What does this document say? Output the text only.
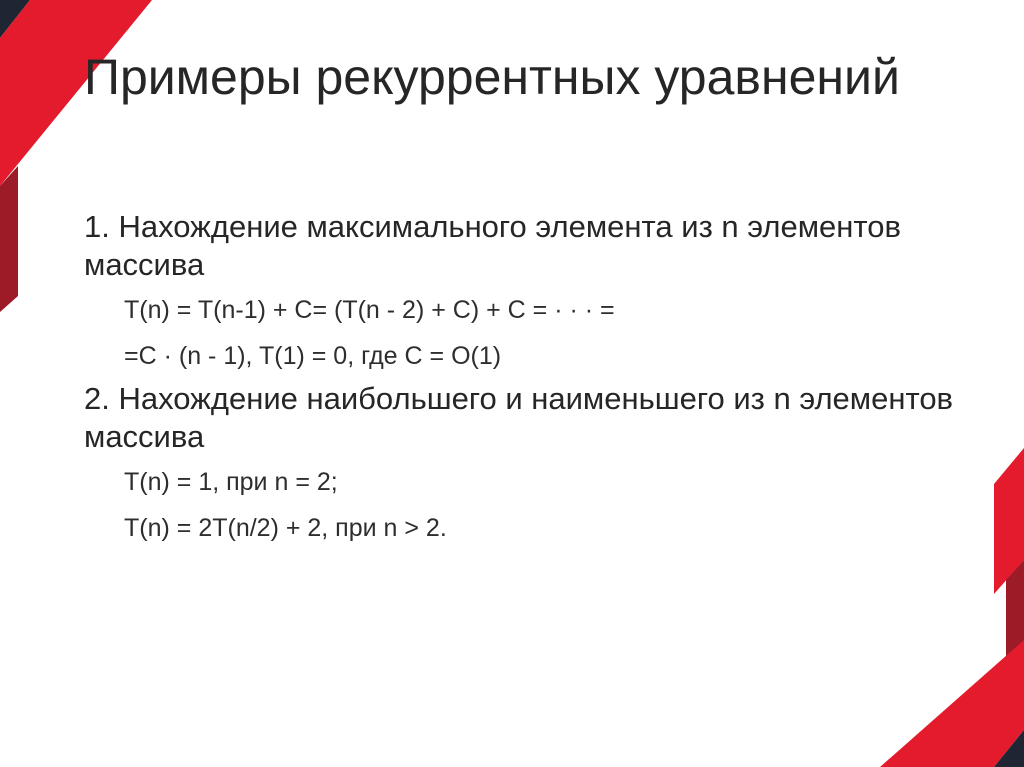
Примеры рекуррентных уравнений
1. Нахождение максимального элемента из n элементов массива
T(n) = T(n-1) + C= (T(n - 2) + C) + C = · · · =
=C · (n - 1), T(1) = 0, где C = O(1)
2. Нахождение наибольшего и наименьшего из n элементов массива
T(n) = 1, при n = 2;
T(n) = 2T(n/2) + 2, при n > 2.
